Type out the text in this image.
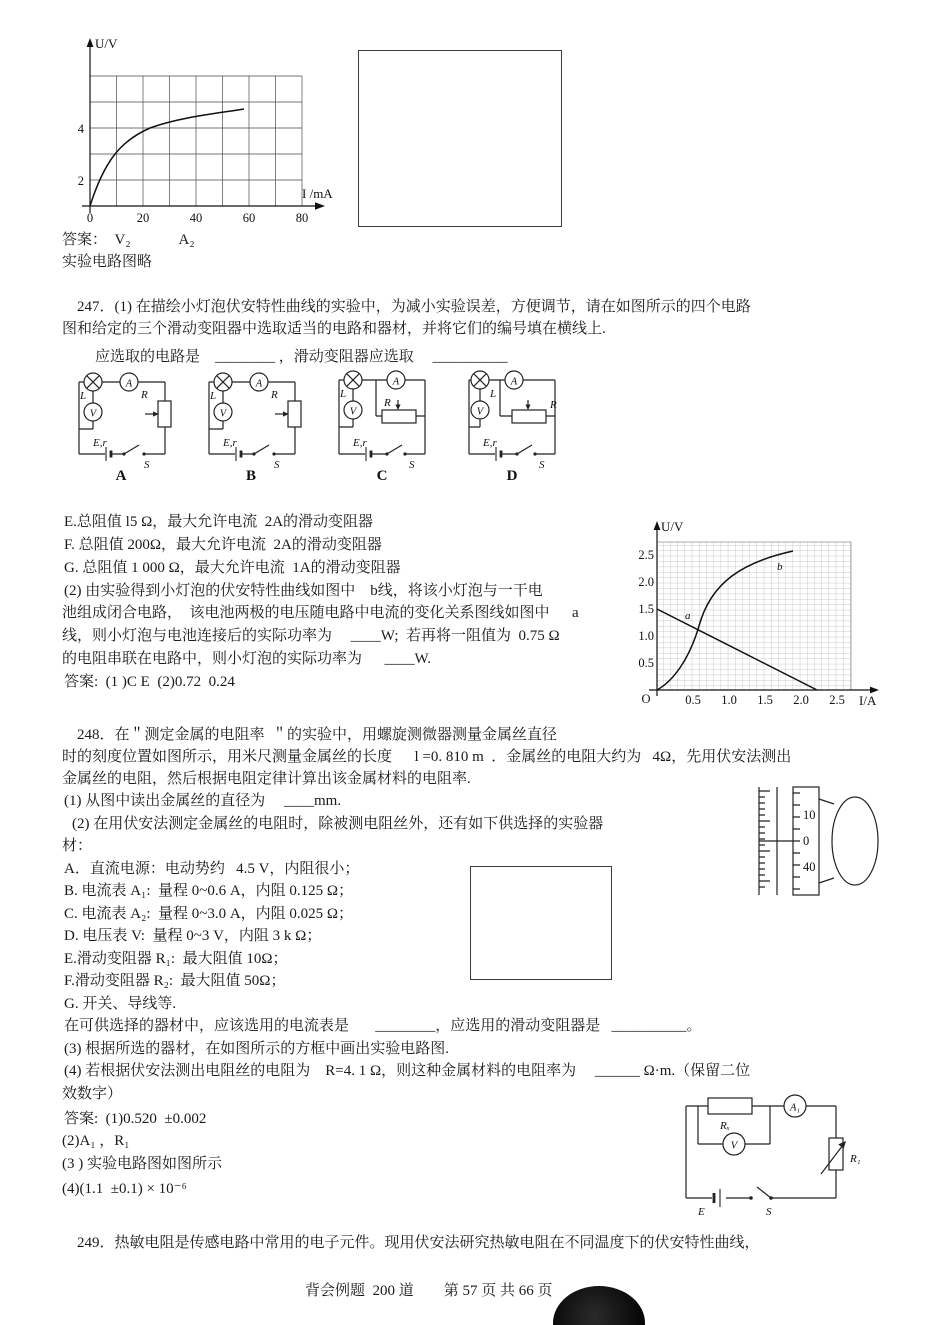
U/V
4
2
0	20	40	60	80
I /mA
答案：  V₂             A₂
实验电路图略
247．(1) 在描绘小灯泡伏安特性曲线的实验中，为减小实验误差，方便调节，请在如图所示的四个电路
图和给定的三个滑动变阻器中选取适当的电路和器材，并将它们的编号填在横线上.
应选取的电路是    ________ ，滑动变阻器应选取     __________
A
V
L	R
E,r
S
A
A
V
L	R
E,r
S
B
A
V
L
R
E,r
S
C
A
V
L
R
E,r
S
D
E.总阻值 l5 Ω，最大允许电流  2A的滑动变阻器
F. 总阻值 200Ω，最大允许电流  2A的滑动变阻器
G. 总阻值 1 000 Ω，最大允许电流  1A的滑动变阻器
(2) 由实验得到小灯泡的伏安特性曲线如图中    b线，将该小灯泡与一干电
池组成闭合电路，  该电池两极的电压随电路中电流的变化关系图线如图中      a
线，则小灯泡与电池连接后的实际功率为     ____W;  若再将一阻值为  0.75 Ω
的电阻串联在电路中，则小灯泡的实际功率为      ____W.
答案:  (1 )C E  (2)0.72  0.24
U/V
2.5
2.0
1.5
1.0
0.5
O	0.5 1.0 1.5 2.0 2.5 I/A
a
b
248．在＂测定金属的电阻率  ＂的实验中，用螺旋测微器测量金属丝直径
时的刻度位置如图所示，用米尺测量金属丝的长度      l =0. 810 m  ．金属丝的电阻大约为   4Ω，先用伏安法测出
金属丝的电阻，然后根据电阻定律计算出该金属材料的电阻率.
(1) 从图中读出金属丝的直径为     ____mm.
(2) 在用伏安法测定金属丝的电阻时，除被测电阻丝外，还有如下供选择的实验器
材：
A．直流电源：电动势约   4.5 V，内阻很小；
B. 电流表 A₁:  量程 0~0.6 A，内阻 0.125 Ω；
C. 电流表 A₂:  量程 0~3.0 A，内阻 0.025 Ω；
D. 电压表 V:  量程 0~3 V，内阻 3 k Ω；
E.滑动变阻器 R₁:  最大阻值 10Ω；
F.滑动变阻器 R₂:  最大阻值 50Ω；
G. 开关、导线等.
在可供选择的器材中，应该选用的电流表是       ________，应选用的滑动变阻器是   __________。
(3) 根据所选的器材，在如图所示的方框中画出实验电路图.
(4) 若根据伏安法测出电阻丝的电阻为    R=4. 1 Ω，则这种金属材料的电阻率为     ______ Ω·m.（保留二位
效数字）
答案:  (1)0.520  ±0.002
(2)A₁ ，R₁
(3 ) 实验电路图如图所示
(4)(1.1  ±0.1) × 10⁻⁶
10
0
40
Rₓ
A₁
V
R₁
E	S
249．热敏电阻是传感电路中常用的电子元件。现用伏安法研究热敏电阻在不同温度下的伏安特性曲线，
背会例题  200 道        第 57 页 共 66 页
